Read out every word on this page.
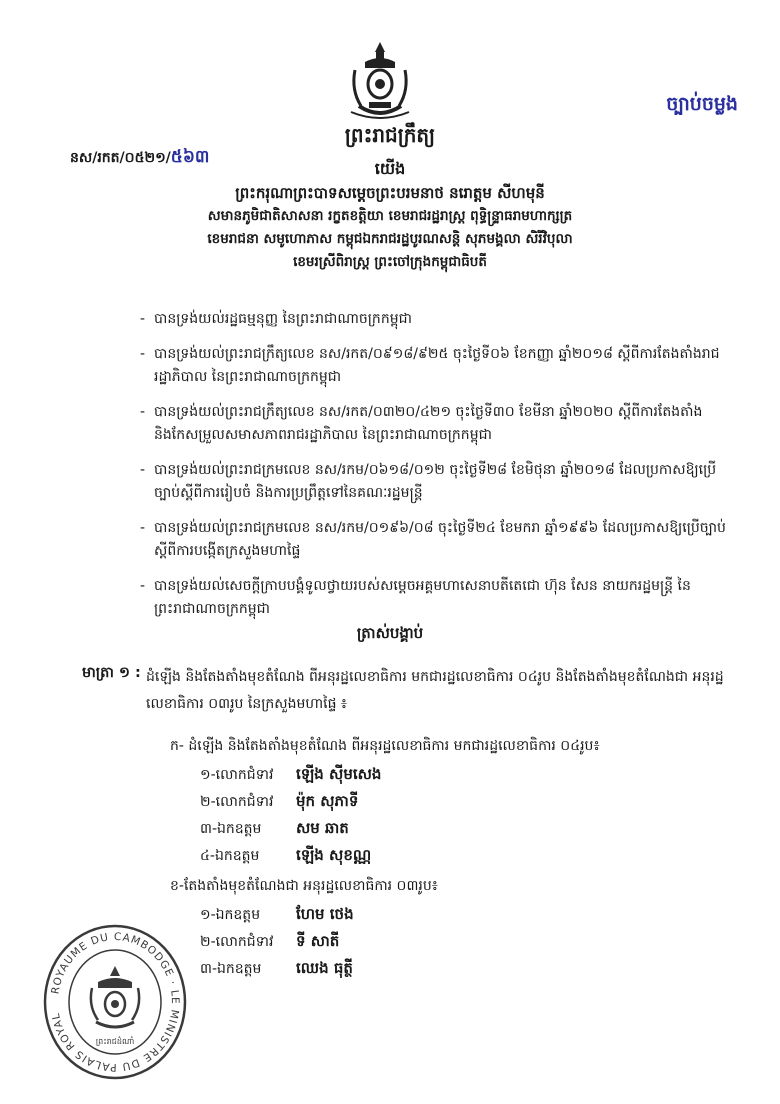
ច្បាប់ចម្លង
ព្រះរាជក្រឹត្យ
នស/រកត/០៥២១/៥៦៣
យើង
ព្រះករុណាព្រះបាទសម្តេចព្រះបរមនាថ នរោត្តម សីហមុនី
សមានភូមិជាតិសាសនា រក្ខតខត្តិយា ខេមរាជរដ្ឋរាស្ត្រ ពុទ្ធិន្ទ្រាធរាមហាក្សត្រ
ខេមរាជនា សមូហោភាស កម្ពុជឯករាជរដ្ឋបូរណសន្តិ សុភមង្គលា សិរីវិបុលា
ខេមរស្រីពិរាស្ត្រ ព្រះចៅក្រុងកម្ពុជាធិបតី
- បានទ្រង់យល់រដ្ឋធម្មនុញ្ញ នៃព្រះរាជាណាចក្រកម្ពុជា
- បានទ្រង់យល់ព្រះរាជក្រឹត្យលេខ នស/រកត/០៩១៨/៩២៥ ចុះថ្ងៃទី០៦ ខែកញ្ញា ឆ្នាំ២០១៨ ស្តីពីការតែងតាំងរាជរដ្ឋាភិបាល នៃព្រះរាជាណាចក្រកម្ពុជា
- បានទ្រង់យល់ព្រះរាជក្រឹត្យលេខ នស/រកត/០៣២០/៤២១ ចុះថ្ងៃទី៣០ ខែមីនា ឆ្នាំ២០២០ ស្តីពីការតែងតាំង និងកែសម្រួលសមាសភាពរាជរដ្ឋាភិបាល នៃព្រះរាជាណាចក្រកម្ពុជា
- បានទ្រង់យល់ព្រះរាជក្រមលេខ នស/រកម/០៦១៨/០១២ ចុះថ្ងៃទី២៨ ខែមិថុនា ឆ្នាំ២០១៨ ដែលប្រកាសឱ្យប្រើច្បាប់ស្តីពីការរៀបចំ និងការប្រព្រឹត្តទៅនៃគណៈរដ្ឋមន្ត្រី
- បានទ្រង់យល់ព្រះរាជក្រមលេខ នស/រកម/០១៩៦/០៨ ចុះថ្ងៃទី២៤ ខែមករា ឆ្នាំ១៩៩៦ ដែលប្រកាសឱ្យប្រើច្បាប់ស្តីពីការបង្កើតក្រសួងមហាផ្ទៃ
- បានទ្រង់យល់សេចក្តីក្រាបបង្គំទូលថ្វាយរបស់សម្តេចអគ្គមហាសេនាបតីតេជោ ហ៊ុន សែន នាយករដ្ឋមន្ត្រី នៃព្រះរាជាណាចក្រកម្ពុជា
ត្រាស់បង្គាប់
មាត្រា ១ : ដំឡើង និងតែងតាំងមុខតំណែង ពីអនុរដ្ឋលេខាធិការ មកជារដ្ឋលេខាធិការ ០៤រូប និងតែងតាំងមុខតំណែងជា អនុរដ្ឋលេខាធិការ ០៣រូប នៃក្រសួងមហាផ្ទៃ ៖
ក- ដំឡើង និងតែងតាំងមុខតំណែង ពីអនុរដ្ឋលេខាធិការ មកជារដ្ឋលេខាធិការ ០៤រូប៖
១-លោកជំទាវ ឡេីង ស៊ីមសេង
២-លោកជំទាវ ម៉ុក សុភាទី
៣-ឯកឧត្តម សម ឆាត
៤-ឯកឧត្តម ឡេីង សុខណ្ណ
ខ-តែងតាំងមុខតំណែងជា អនុរដ្ឋលេខាធិការ ០៣រូប៖
១-ឯកឧត្តម ហែម ថេង
២-លោកជំទាវ ទី សាតី
៣-ឯកឧត្តម ឈេង ធុត្ថី
ROYAUME DU CAMBODGE · LE MINISTRE DU PALAIS ROYAL
ព្រះរាជដំណាំ
